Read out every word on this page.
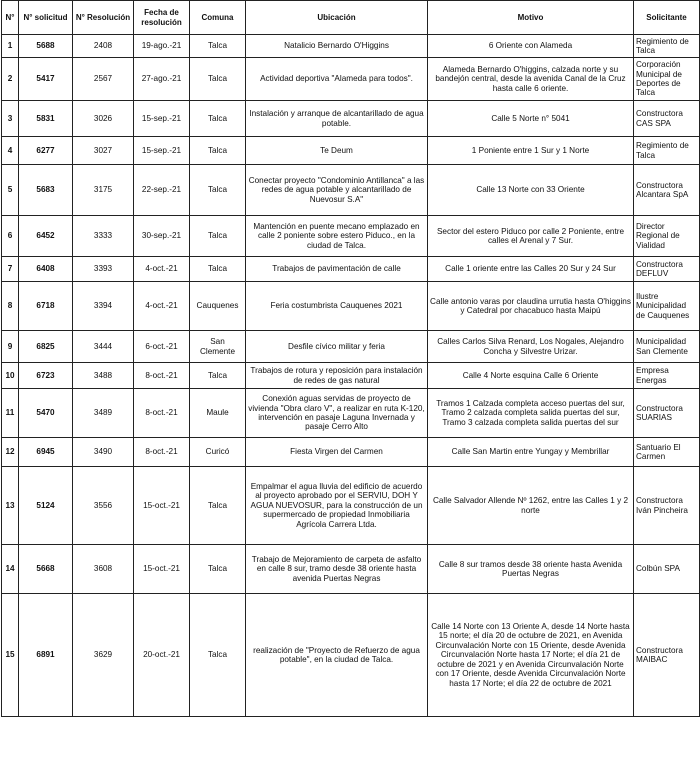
N°	N° solicitud	N° Resolución	Fecha de resolución	Comuna	Ubicación	Motivo	Solicitante
1	5688	2408	19-ago.-21	Talca	Natalicio Bernardo O'Higgins	6 Oriente con Alameda	Regimiento de Talca
2	5417	2567	27-ago.-21	Talca	Actividad deportiva "Alameda para todos".	Alameda Bernardo O'higgins, calzada norte y su bandejón central, desde la avenida Canal de la Cruz hasta calle 6 oriente.	Corporación Municipal de Deportes de Talca
3	5831	3026	15-sep.-21	Talca	Instalación y arranque de alcantarillado de agua potable.	Calle 5 Norte n° 5041	Constructora CAS SPA
4	6277	3027	15-sep.-21	Talca	Te Deum	1 Poniente entre 1 Sur y 1 Norte	Regimiento de Talca
5	5683	3175	22-sep.-21	Talca	Conectar proyecto "Condominio Antillanca" a las redes de agua potable y alcantarillado de Nuevosur S.A"	Calle 13 Norte con 33 Oriente	Constructora Alcantara SpA
6	6452	3333	30-sep.-21	Talca	Mantención en puente mecano emplazado en calle 2 poniente sobre estero Piduco., en la ciudad de Talca.	Sector del estero Piduco por calle 2 Poniente, entre calles el Arenal y 7 Sur.	Director Regional de Vialidad
7	6408	3393	4-oct.-21	Talca	Trabajos de pavimentación de calle	Calle 1 oriente entre las Calles 20 Sur y 24 Sur	Constructora DEFLUV
8	6718	3394	4-oct.-21	Cauquenes	Feria costumbrista Cauquenes 2021	Calle antonio varas por claudina urrutia hasta O'higgins y Catedral por chacabuco hasta Maipú	Ilustre Municipalidad de Cauquenes
9	6825	3444	6-oct.-21	San Clemente	Desfile cívico militar y feria	Calles Carlos Silva Renard, Los Nogales, Alejandro Concha y Silvestre Urizar.	Municipalidad San Clemente
10	6723	3488	8-oct.-21	Talca	Trabajos de rotura y reposición para instalación de redes de gas natural	Calle 4 Norte esquina Calle 6 Oriente	Empresa Energas
11	5470	3489	8-oct.-21	Maule	Conexión aguas servidas de proyecto de vivienda "Obra claro V", a realizar en ruta K-120, intervención en pasaje Laguna Invernada y pasaje Cerro Alto	Tramos 1 Calzada completa acceso puertas del sur, Tramo 2 calzada completa salida puertas del sur, Tramo 3 calzada completa salida puertas del sur	Constructora SUARIAS
12	6945	3490	8-oct.-21	Curicó	Fiesta Virgen del Carmen	Calle San Martin entre Yungay y Membrillar	Santuario El Carmen
13	5124	3556	15-oct.-21	Talca	Empalmar el agua lluvia del edificio de acuerdo al proyecto aprobado por el SERVIU, DOH Y AGUA NUEVOSUR, para la construcción de un supermercado de propiedad Inmobiliaria Agrícola Carrera Ltda.	Calle Salvador Allende Nº 1262, entre las Calles 1 y 2 norte	Constructora Iván Pincheira
14	5668	3608	15-oct.-21	Talca	Trabajo de Mejoramiento de carpeta de asfalto en calle 8 sur, tramo desde 38 oriente hasta avenida Puertas Negras	Calle 8 sur tramos desde 38 oriente hasta Avenida Puertas Negras	Colbún SPA
15	6891	3629	20-oct.-21	Talca	realización de "Proyecto de Refuerzo de agua potable", en la ciudad de Talca.	Calle 14 Norte con 13 Oriente A, desde 14 Norte hasta 15 norte; el día 20 de octubre de 2021, en Avenida Circunvalación Norte con 15 Oriente, desde Avenida Circunvalación Norte hasta 17 Norte; el día 21 de octubre de 2021 y en Avenida Circunvalación Norte con 17 Oriente, desde Avenida Circunvalación Norte hasta 17 Norte; el día 22 de octubre de 2021	Constructora MAIBAC
